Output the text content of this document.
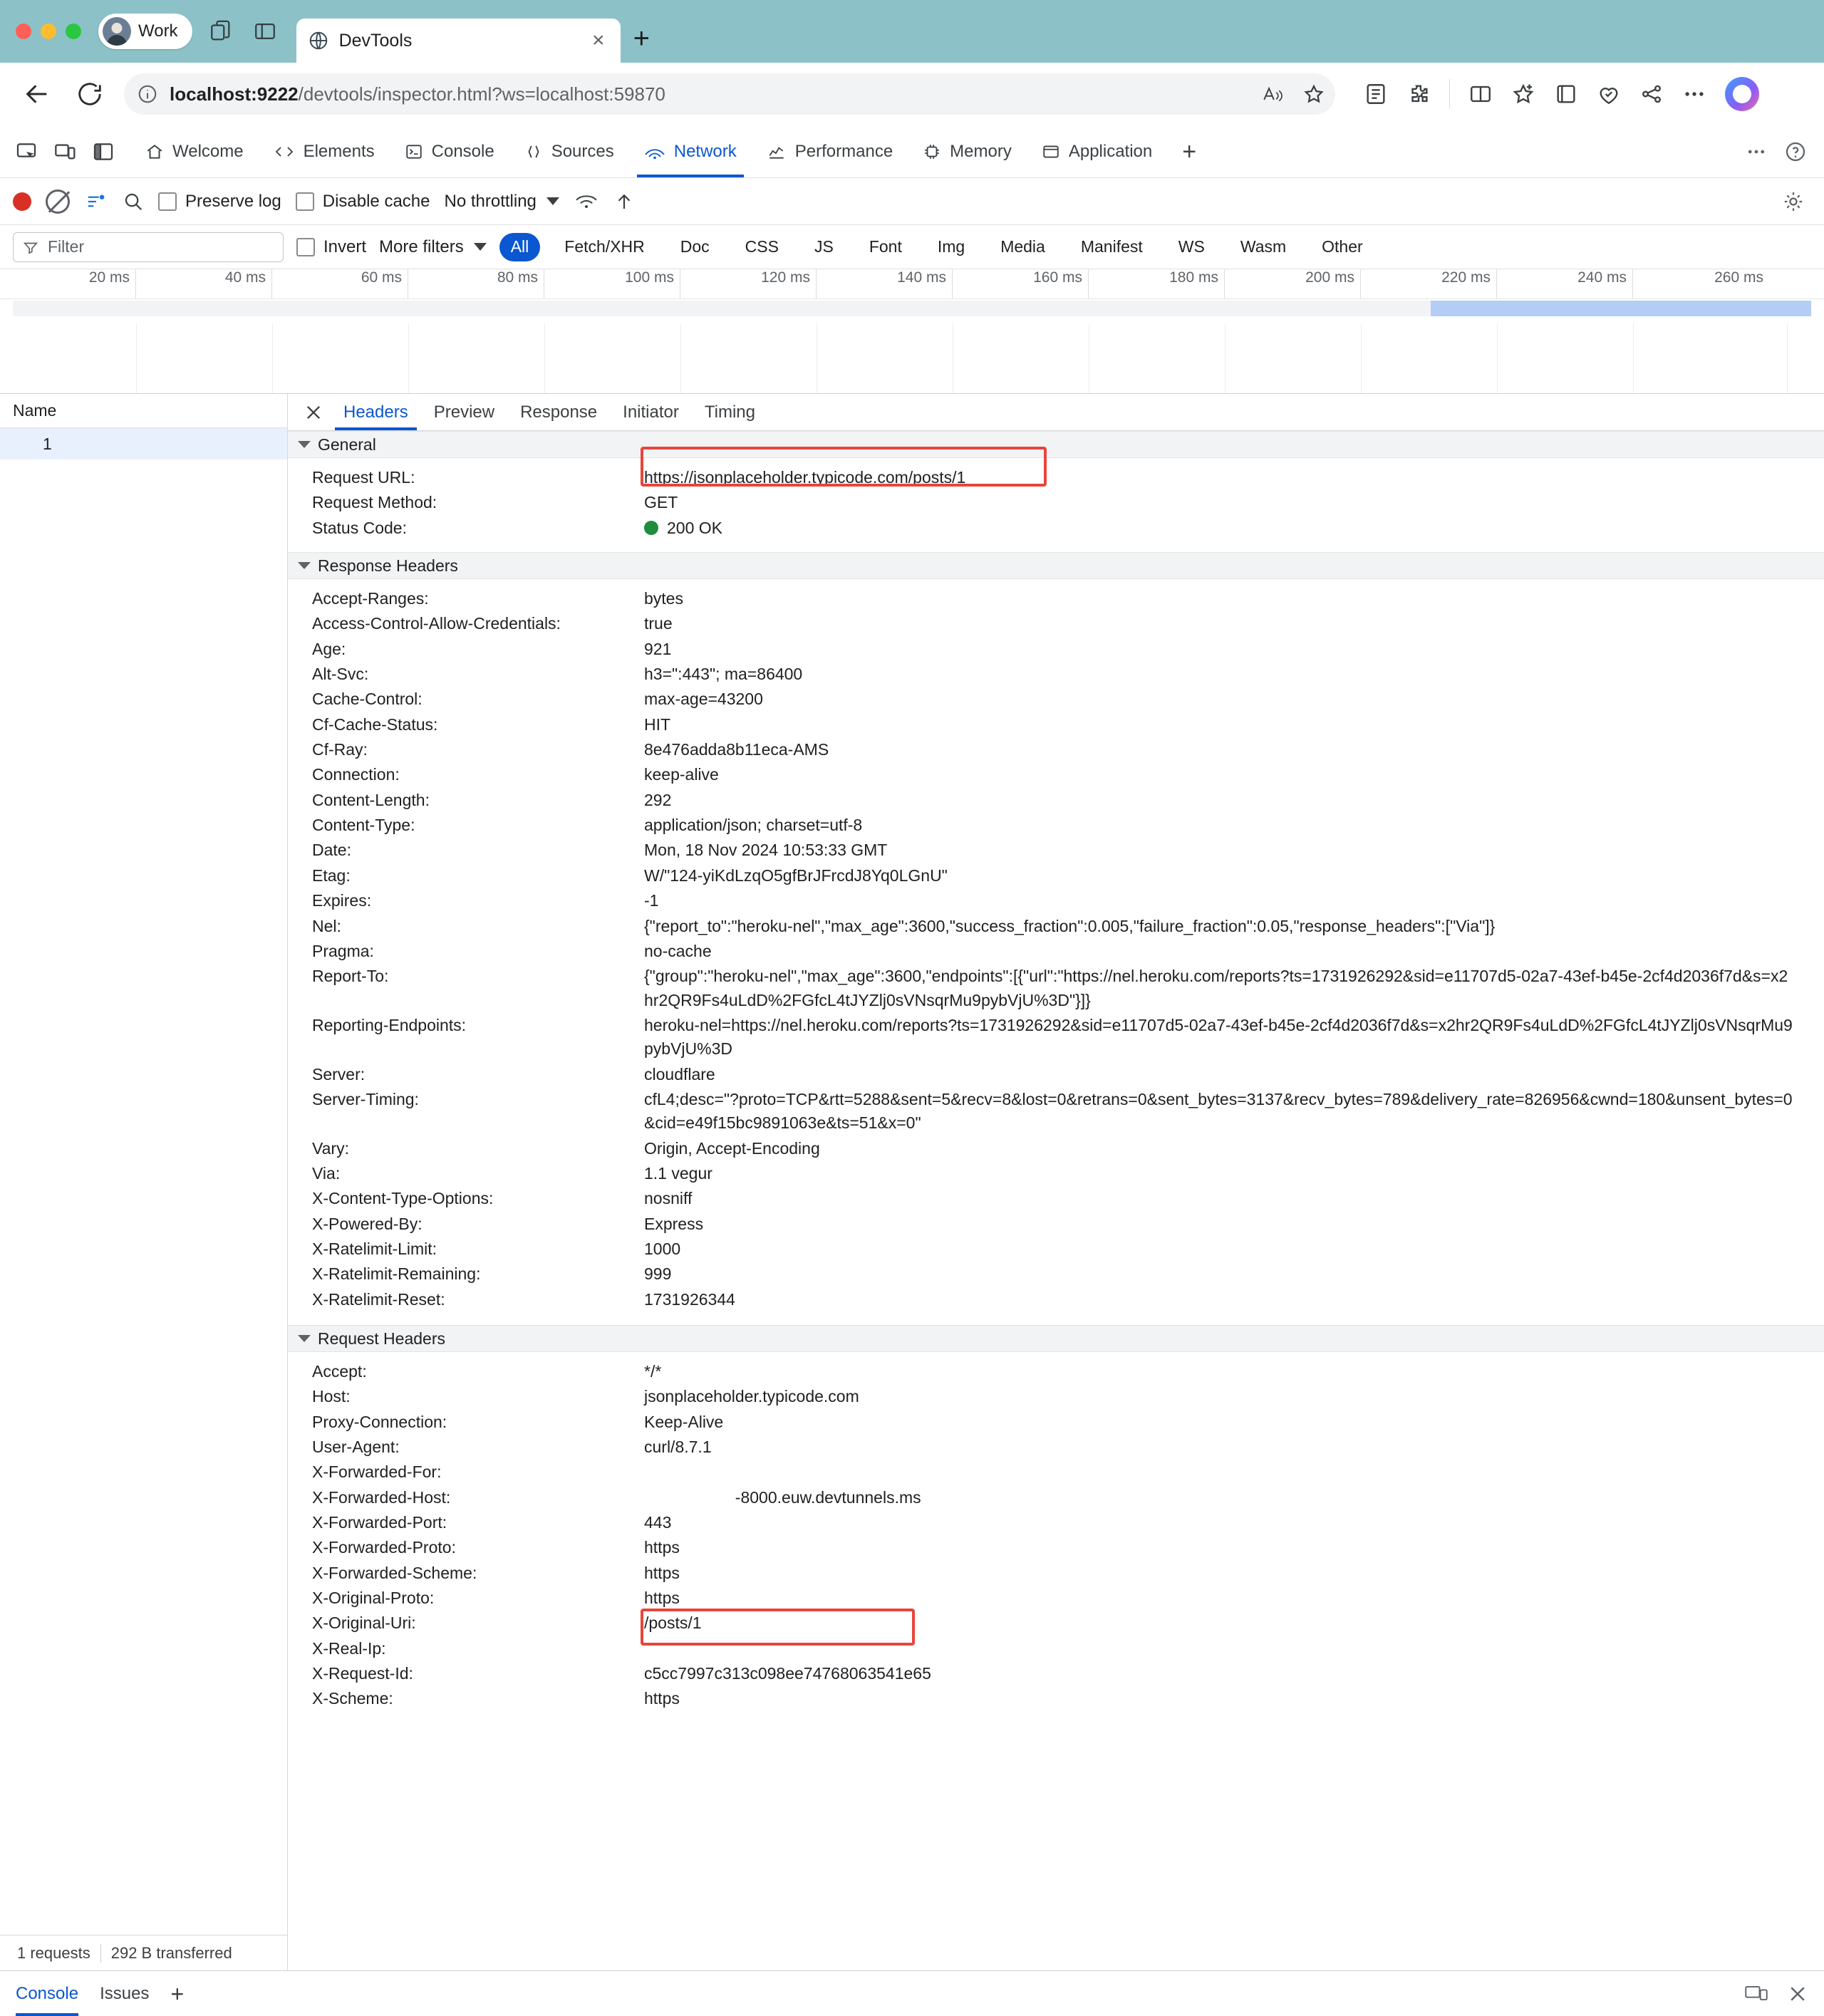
Work	DevTools	× +
localhost:9222/devtools/inspector.html?ws=localhost:59870
Welcome	Elements	Console	Sources	Network	Performance	Memory	Application +
Preserve log Disable cache No throttling
Filter	Invert More filters	All	Fetch/XHR	Doc	CSS	JS	Font	Img	Media	Manifest	WS	Wasm	Other
20 ms	40 ms	60 ms	80 ms	100 ms	120 ms	140 ms	160 ms	180 ms	200 ms	220 ms	240 ms	260 ms
Name
1
1 requests	292 B transferred
Headers	Preview	Response	Initiator	Timing
General
Request URL:	https://jsonplaceholder.typicode.com/posts/1
Request Method:	GET
Status Code:	200 OK
Response Headers
Accept-Ranges:	bytes
Access-Control-Allow-Credentials:	true
Age:	921
Alt-Svc:	h3=":443"; ma=86400
Cache-Control:	max-age=43200
Cf-Cache-Status:	HIT
Cf-Ray:	8e476adda8b11eca-AMS
Connection:	keep-alive
Content-Length:	292
Content-Type:	application/json; charset=utf-8
Date:	Mon, 18 Nov 2024 10:53:33 GMT
Etag:	W/"124-yiKdLzqO5gfBrJFrcdJ8Yq0LGnU"
Expires:	-1
Nel:	{"report_to":"heroku-nel","max_age":3600,"success_fraction":0.005,"failure_fraction":0.05,"response_headers":["Via"]}
Pragma:	no-cache
Report-To:	{"group":"heroku-nel","max_age":3600,"endpoints":[{"url":"https://nel.heroku.com/reports?ts=1731926292&sid=e11707d5-02a7-43ef-b45e-2cf4d2036f7d&s=x2hr2QR9Fs4uLdD%2FGfcL4tJYZlj0sVNsqrMu9pybVjU%3D"}]}
Reporting-Endpoints:	heroku-nel=https://nel.heroku.com/reports?ts=1731926292&sid=e11707d5-02a7-43ef-b45e-2cf4d2036f7d&s=x2hr2QR9Fs4uLdD%2FGfcL4tJYZlj0sVNsqrMu9pybVjU%3D
Server:	cloudflare
Server-Timing:	cfL4;desc="?proto=TCP&rtt=5288&sent=5&recv=8&lost=0&retrans=0&sent_bytes=3137&recv_bytes=789&delivery_rate=826956&cwnd=180&unsent_bytes=0&cid=e49f15bc9891063e&ts=51&x=0"
Vary:	Origin, Accept-Encoding
Via:	1.1 vegur
X-Content-Type-Options:	nosniff
X-Powered-By:	Express
X-Ratelimit-Limit:	1000
X-Ratelimit-Remaining:	999
X-Ratelimit-Reset:	1731926344
Request Headers
Accept:	*/*
Host:	jsonplaceholder.typicode.com
Proxy-Connection:	Keep-Alive
User-Agent:	curl/8.7.1
X-Forwarded-For:
X-Forwarded-Host:	-8000.euw.devtunnels.ms
X-Forwarded-Port:	443
X-Forwarded-Proto:	https
X-Forwarded-Scheme:	https
X-Original-Proto:	https
X-Original-Uri:	/posts/1
X-Real-Ip:
X-Request-Id:	c5cc7997c313c098ee74768063541e65
X-Scheme:	https
Console Issues +
